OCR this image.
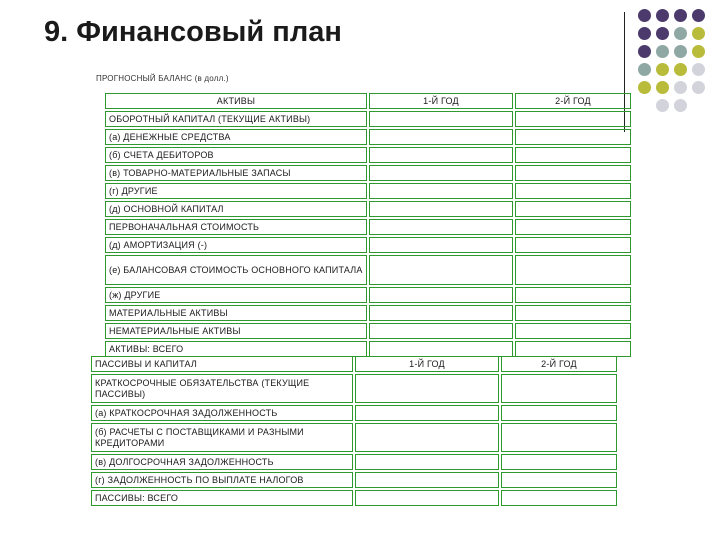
9. Финансовый план
ПРОГНОСНЫЙ БАЛАНС (в долл.)
АКТИВЫ	1-Й ГОД	2-Й ГОД
ОБОРОТНЫЙ КАПИТАЛ (ТЕКУЩИЕ АКТИВЫ)		
(а) ДЕНЕЖНЫЕ СРЕДСТВА		
(б) СЧЕТА ДЕБИТОРОВ		
(в) ТОВАРНО-МАТЕРИАЛЬНЫЕ ЗАПАСЫ		
(г) ДРУГИЕ		
(д) ОСНОВНОЙ КАПИТАЛ		
ПЕРВОНАЧАЛЬНАЯ СТОИМОСТЬ		
(д) АМОРТИЗАЦИЯ (-)		
(е) БАЛАНСОВАЯ СТОИМОСТЬ ОСНОВНОГО КАПИТАЛА		
(ж) ДРУГИЕ		
МАТЕРИАЛЬНЫЕ АКТИВЫ		
НЕМАТЕРИАЛЬНЫЕ АКТИВЫ		
АКТИВЫ: ВСЕГО		
ПАССИВЫ И КАПИТАЛ	1-Й ГОД	2-Й ГОД
КРАТКОСРОЧНЫЕ ОБЯЗАТЕЛЬСТВА (ТЕКУЩИЕ ПАССИВЫ)		
(а) КРАТКОСРОЧНАЯ ЗАДОЛЖЕННОСТЬ		
(б) РАСЧЕТЫ С ПОСТАВЩИКАМИ И РАЗНЫМИ КРЕДИТОРАМИ		
(в) ДОЛГОСРОЧНАЯ ЗАДОЛЖЕННОСТЬ		
(г) ЗАДОЛЖЕННОСТЬ ПО ВЫПЛАТЕ НАЛОГОВ		
ПАССИВЫ: ВСЕГО		
